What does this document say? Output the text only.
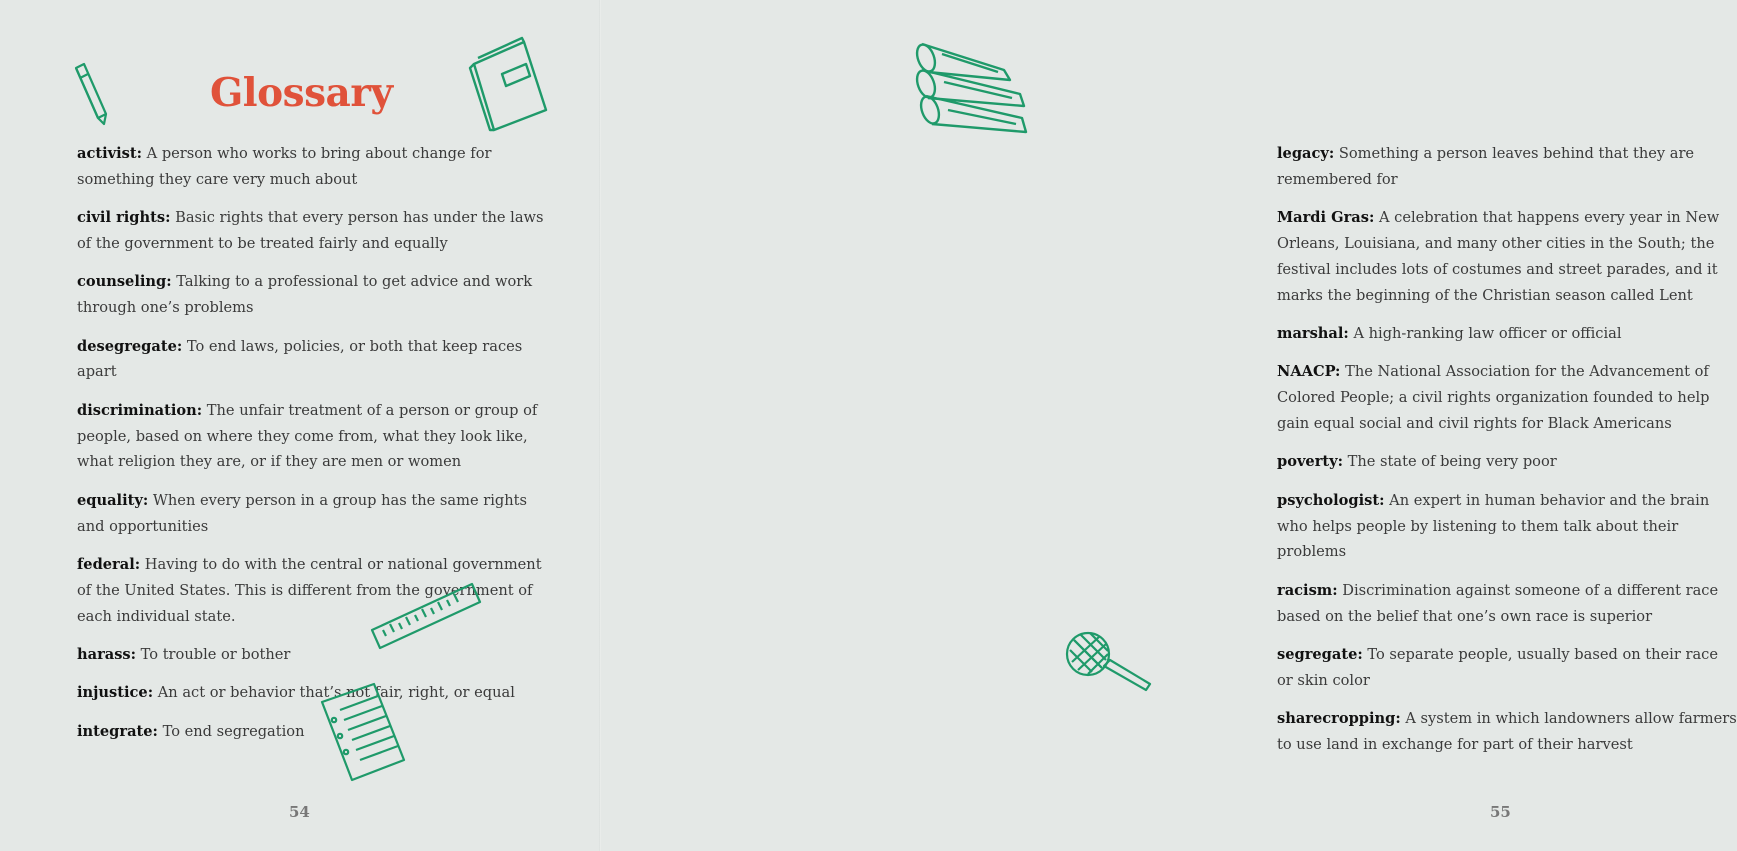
Glossary

activist: A person who works to bring about change for something they care very much about

civil rights: Basic rights that every person has under the laws of the government to be treated fairly and equally

counseling: Talking to a professional to get advice and work through one’s problems

desegregate: To end laws, policies, or both that keep races apart

discrimination: The unfair treatment of a person or group of people, based on where they come from, what they look like, what religion they are, or if they are men or women

equality: When every person in a group has the same rights and opportunities

federal: Having to do with the central or national government of the United States. This is different from the government of each individual state.

harass: To trouble or bother

injustice: An act or behavior that’s not fair, right, or equal

integrate: To end segregation

54

legacy: Something a person leaves behind that they are remembered for

Mardi Gras: A celebration that happens every year in New Orleans, Louisiana, and many other cities in the South; the festival includes lots of costumes and street parades, and it marks the beginning of the Christian season called Lent

marshal: A high-ranking law officer or official

NAACP: The National Association for the Advancement of Colored People; a civil rights organization founded to help gain equal social and civil rights for Black Americans

poverty: The state of being very poor

psychologist: An expert in human behavior and the brain who helps people by listening to them talk about their problems

racism: Discrimination against someone of a different race based on the belief that one’s own race is superior

segregate: To separate people, usually based on their race or skin color

sharecropping: A system in which landowners allow farmers to use land in exchange for part of their harvest

55
